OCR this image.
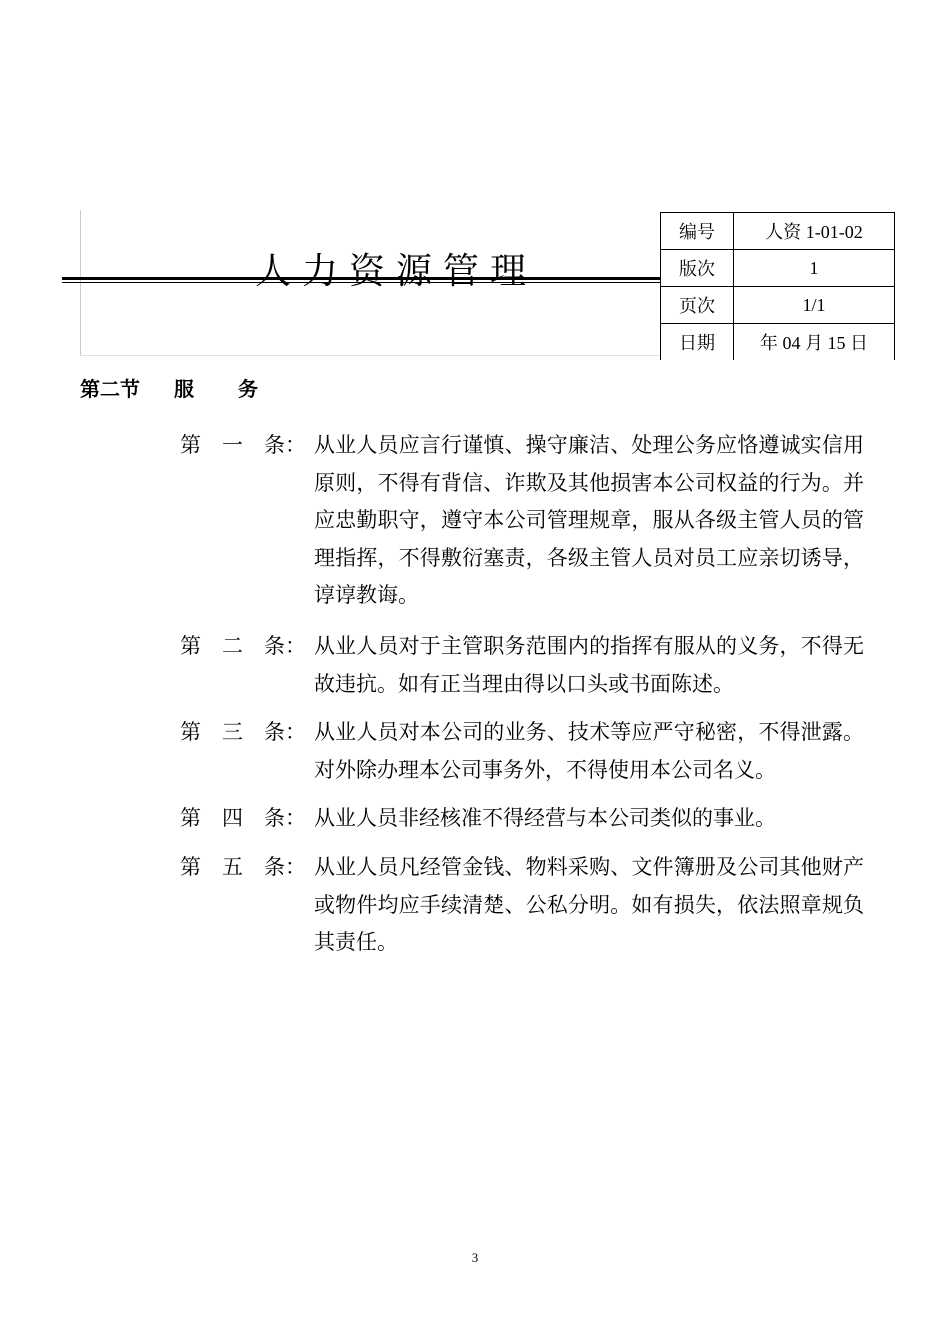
人力资源管理
编号	人资 1-01-02
版次	1
页次	1/1
日期	年 04 月 15 日
第二节 服务
第　一　条： 从业人员应言行谨慎、操守廉洁、处理公务应恪遵诚实信用原则，不得有背信、诈欺及其他损害本公司权益的行为。并应忠勤职守，遵守本公司管理规章，服从各级主管人员的管理指挥，不得敷衍塞责，各级主管人员对员工应亲切诱导，谆谆教诲。
第　二　条： 从业人员对于主管职务范围内的指挥有服从的义务，不得无故违抗。如有正当理由得以口头或书面陈述。
第　三　条： 从业人员对本公司的业务、技术等应严守秘密，不得泄露。对外除办理本公司事务外，不得使用本公司名义。
第　四　条： 从业人员非经核准不得经营与本公司类似的事业。
第　五　条： 从业人员凡经管金钱、物料采购、文件簿册及公司其他财产或物件均应手续清楚、公私分明。如有损失，依法照章规负其责任。
3
